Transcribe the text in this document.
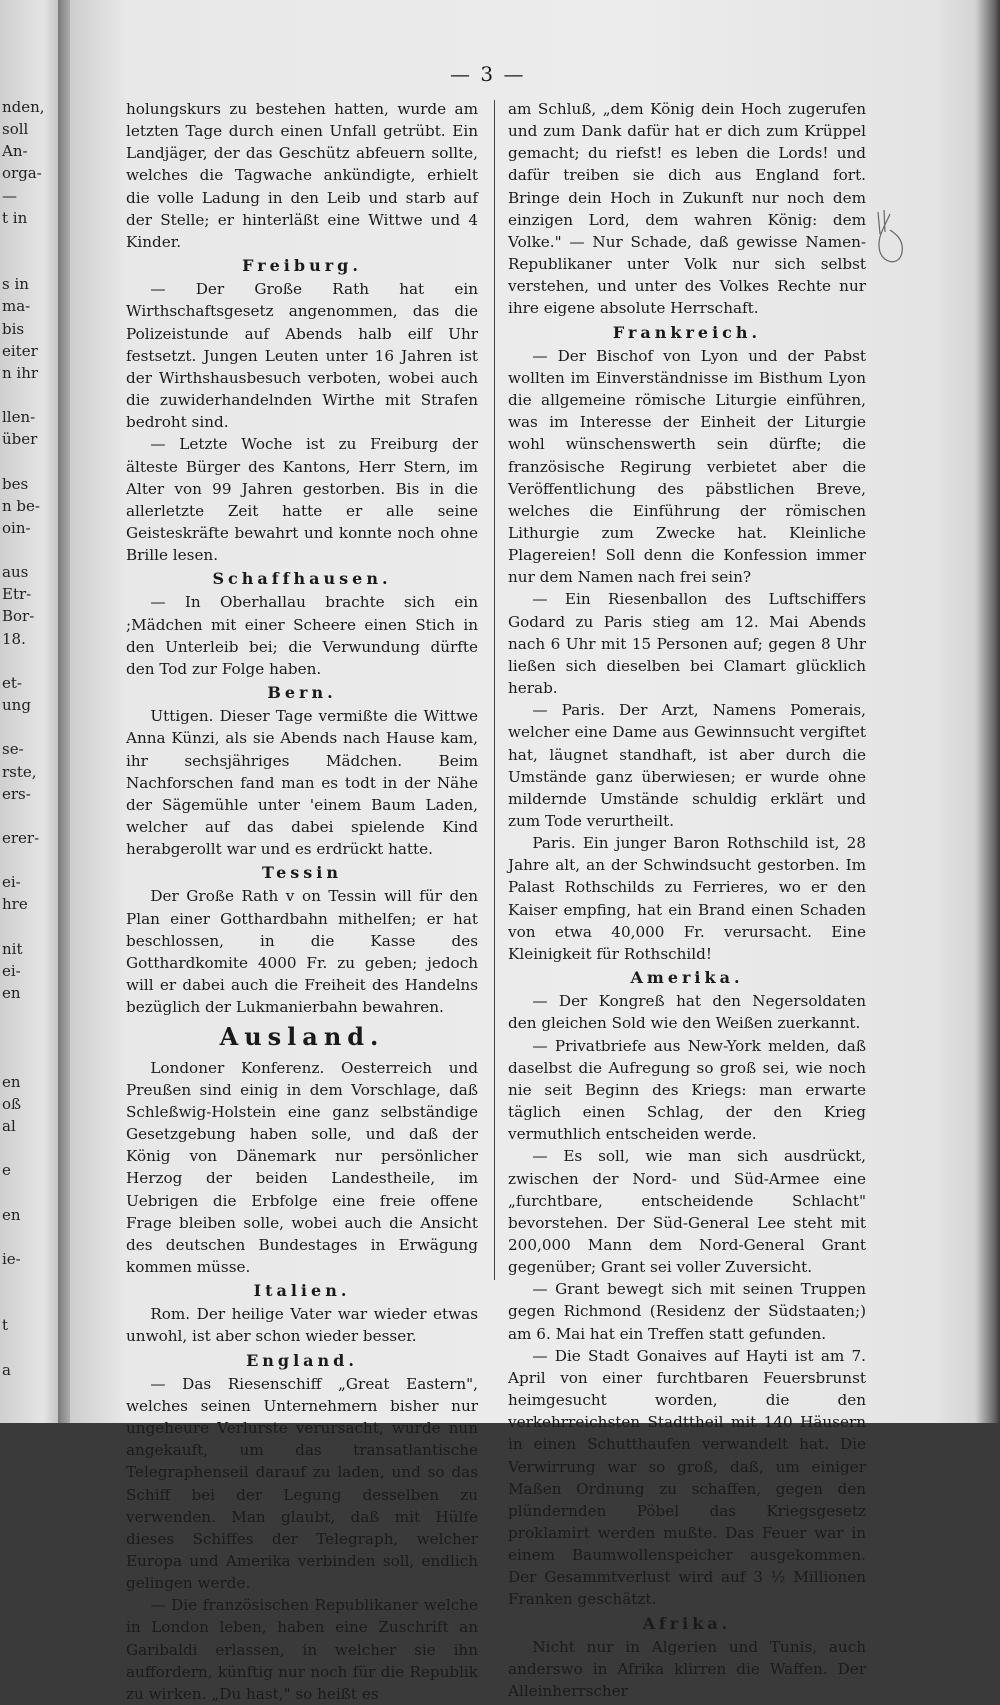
nden,
soll
An-
orga-
—
t in
s in
ma-
bis
eiter
n ihr
llen-
über
bes
n be-
oin-
aus
Etr-
Bor-
18.
et-
ung
se-
rste,
ers-
erer-
ei-
hre
nit
ei-
en
en
oß
al
e
en
ie-
t
a
— 3 —

holungskurs zu bestehen hatten, wurde am letzten Tage durch einen Unfall getrübt. Ein Landjäger, der das Geschütz abfeuern sollte, welches die Tagwache ankündigte, erhielt die volle Ladung in den Leib und starb auf der Stelle; er hinterläßt eine Wittwe und 4 Kinder.

Freiburg.

— Der Große Rath hat ein Wirthschaftsgesetz angenommen, das die Polizeistunde auf Abends halb eilf Uhr festsetzt. Jungen Leuten unter 16 Jahren ist der Wirthshausbesuch verboten, wobei auch die zuwiderhandelnden Wirthe mit Strafen bedroht sind.

— Letzte Woche ist zu Freiburg der älteste Bürger des Kantons, Herr Stern, im Alter von 99 Jahren gestorben. Bis in die allerletzte Zeit hatte er alle seine Geisteskräfte bewahrt und konnte noch ohne Brille lesen.

Schaffhausen.

— In Oberhallau brachte sich ein ;Mädchen mit einer Scheere einen Stich in den Unterleib bei; die Verwundung dürfte den Tod zur Folge haben.

Bern.

Uttigen. Dieser Tage vermißte die Wittwe Anna Künzi, als sie Abends nach Hause kam, ihr sechsjähriges Mädchen. Beim Nachforschen fand man es todt in der Nähe der Sägemühle unter 'einem Baum Laden, welcher auf das dabei spielende Kind herabgerollt war und es erdrückt hatte.

Tessin

Der Große Rath v on Tessin will für den Plan einer Gotthardbahn mithelfen; er hat beschlossen, in die Kasse des Gotthardkomite 4000 Fr. zu geben; jedoch will er dabei auch die Freiheit des Handelns bezüglich der Lukmanierbahn bewahren.

Ausland.

Londoner Konferenz. Oesterreich und Preußen sind einig in dem Vorschlage, daß Schleßwig-Holstein eine ganz selbständige Gesetzgebung haben solle, und daß der König von Dänemark nur persönlicher Herzog der beiden Landestheile, im Uebrigen die Erbfolge eine freie offene Frage bleiben solle, wobei auch die Ansicht des deutschen Bundestages in Erwägung kommen müsse.

Italien.

Rom. Der heilige Vater war wieder etwas unwohl, ist aber schon wieder besser.

England.

— Das Riesenschiff „Great Eastern", welches seinen Unternehmern bisher nur ungeheure Verlurste verursacht, wurde nun angekauft, um das transatlantische Telegraphenseil darauf zu laden, und so das Schiff bei der Legung desselben zu verwenden. Man glaubt, daß mit Hülfe dieses Schiffes der Telegraph, welcher Europa und Amerika verbinden soll, endlich gelingen werde.

— Die französischen Republikaner welche in London leben, haben eine Zuschrift an Garibaldi erlassen, in welcher sie ihn auffordern, künftig nur noch für die Republik zu wirken. „Du hast," so heißt es

am Schluß, „dem König dein Hoch zugerufen und zum Dank dafür hat er dich zum Krüppel gemacht; du riefst! es leben die Lords! und dafür treiben sie dich aus England fort. Bringe dein Hoch in Zukunft nur noch dem einzigen Lord, dem wahren König: dem Volke." — Nur Schade, daß gewisse Namen-Republikaner unter Volk nur sich selbst verstehen, und unter des Volkes Rechte nur ihre eigene absolute Herrschaft.

Frankreich.

— Der Bischof von Lyon und der Pabst wollten im Einverständnisse im Bisthum Lyon die allgemeine römische Liturgie einführen, was im Interesse der Einheit der Liturgie wohl wünschenswerth sein dürfte; die französische Regirung verbietet aber die Veröffentlichung des päbstlichen Breve, welches die Einführung der römischen Lithurgie zum Zwecke hat. Kleinliche Plagereien! Soll denn die Konfession immer nur dem Namen nach frei sein?

— Ein Riesenballon des Luftschiffers Godard zu Paris stieg am 12. Mai Abends nach 6 Uhr mit 15 Personen auf; gegen 8 Uhr ließen sich dieselben bei Clamart glücklich herab.

— Paris. Der Arzt, Namens Pomerais, welcher eine Dame aus Gewinnsucht vergiftet hat, läugnet standhaft, ist aber durch die Umstände ganz überwiesen; er wurde ohne mildernde Umstände schuldig erklärt und zum Tode verurtheilt.

Paris. Ein junger Baron Rothschild ist, 28 Jahre alt, an der Schwindsucht gestorben. Im Palast Rothschilds zu Ferrieres, wo er den Kaiser empfing, hat ein Brand einen Schaden von etwa 40,000 Fr. verursacht. Eine Kleinigkeit für Rothschild!

Amerika.

— Der Kongreß hat den Negersoldaten den gleichen Sold wie den Weißen zuerkannt.

— Privatbriefe aus New-York melden, daß daselbst die Aufregung so groß sei, wie noch nie seit Beginn des Kriegs: man erwarte täglich einen Schlag, der den Krieg vermuthlich entscheiden werde.

— Es soll, wie man sich ausdrückt, zwischen der Nord- und Süd-Armee eine „furchtbare, entscheidende Schlacht" bevorstehen. Der Süd-General Lee steht mit 200,000 Mann dem Nord-General Grant gegenüber; Grant sei voller Zuversicht.

— Grant bewegt sich mit seinen Truppen gegen Richmond (Residenz der Südstaaten;) am 6. Mai hat ein Treffen statt gefunden.

— Die Stadt Gonaives auf Hayti ist am 7. April von einer furchtbaren Feuersbrunst heimgesucht worden, die den verkehrreichsten Stadttheil mit 140 Häusern in einen Schutthaufen verwandelt hat. Die Verwirrung war so groß, daß, um einiger Maßen Ordnung zu schaffen, gegen den plündernden Pöbel das Kriegsgesetz proklamirt werden mußte. Das Feuer war in einem Baumwollenspeicher ausgekommen. Der Gesammtverlust wird auf 3 ½ Millionen Franken geschätzt.

Afrika.

Nicht nur in Algerien und Tunis, auch anderswo in Afrika klirren die Waffen. Der Alleinherrscher
